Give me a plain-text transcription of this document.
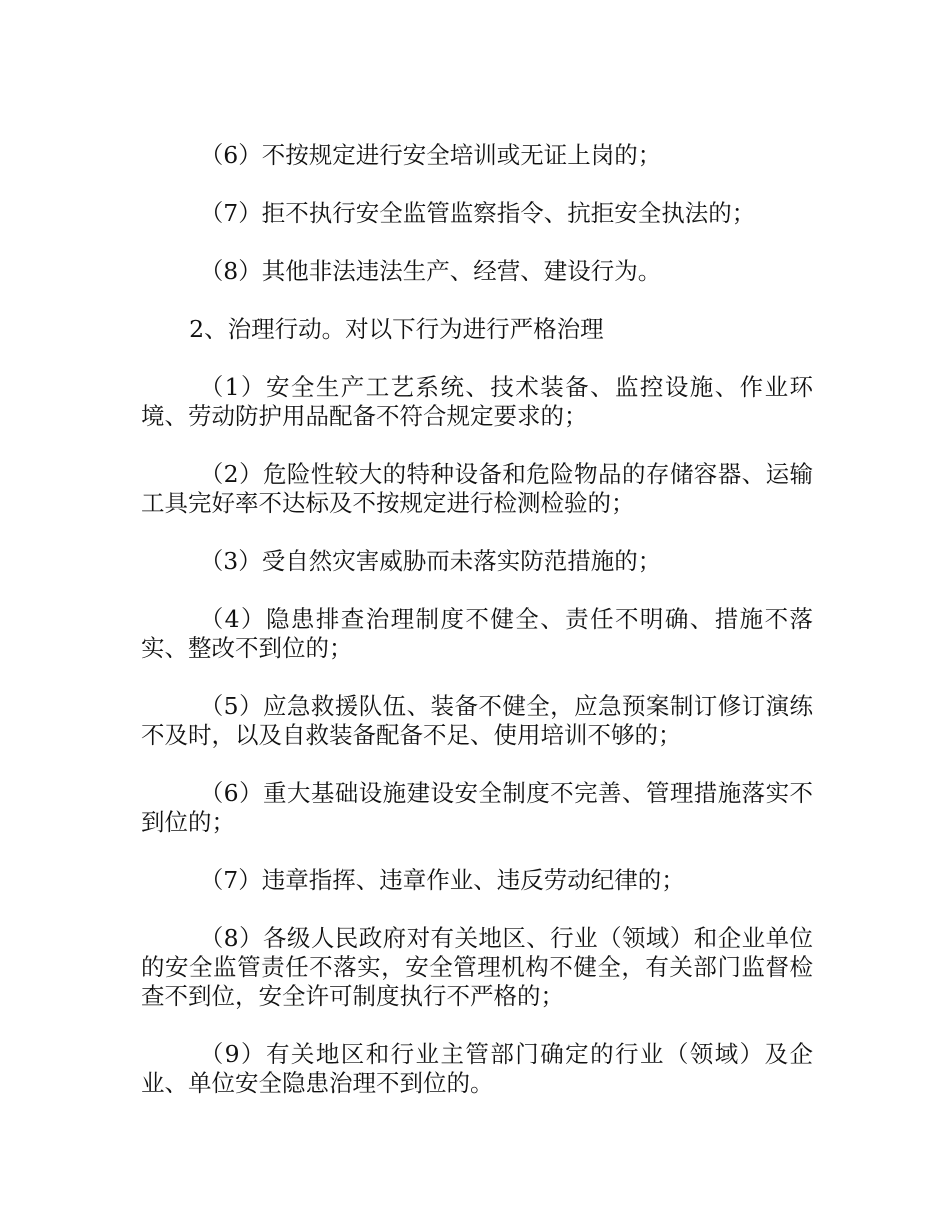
（6）不按规定进行安全培训或无证上岗的；

（7）拒不执行安全监管监察指令、抗拒安全执法的；

（8）其他非法违法生产、经营、建设行为。

2、治理行动。对以下行为进行严格治理

（1）安全生产工艺系统、技术装备、监控设施、作业环境、劳动防护用品配备不符合规定要求的；

（2）危险性较大的特种设备和危险物品的存储容器、运输工具完好率不达标及不按规定进行检测检验的；

（3）受自然灾害威胁而未落实防范措施的；

（4）隐患排查治理制度不健全、责任不明确、措施不落实、整改不到位的；

（5）应急救援队伍、装备不健全，应急预案制订修订演练不及时，以及自救装备配备不足、使用培训不够的；

（6）重大基础设施建设安全制度不完善、管理措施落实不到位的；

（7）违章指挥、违章作业、违反劳动纪律的；

（8）各级人民政府对有关地区、行业（领域）和企业单位的安全监管责任不落实，安全管理机构不健全，有关部门监督检查不到位，安全许可制度执行不严格的；

（9）有关地区和行业主管部门确定的行业（领域）及企业、单位安全隐患治理不到位的。
